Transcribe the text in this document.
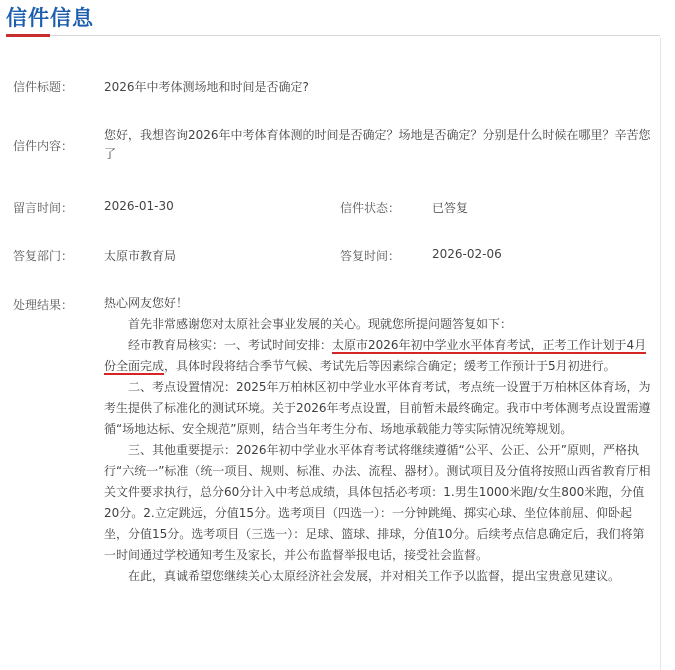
信件信息
信件标题：	2026年中考体测场地和时间是否确定?
信件内容：
您好，我想咨询2026年中考体育体测的时间是否确定？场地是否确定？分别是什么时候在哪里？辛苦您了
留言时间：	2026-01-30	信件状态：	已答复
答复部门：	太原市教育局	答复时间：	2026-02-06
处理结果：	热心网友您好！

首先非常感谢您对太原社会事业发展的关心。现就您所提问题答复如下：

经市教育局核实：一、考试时间安排：太原市2026年初中学业水平体育考试，正考工作计划于4月份全面完成，具体时段将结合季节气候、考试先后等因素综合确定；缓考工作预计于5月初进行。

二、考点设置情况：2025年万柏林区初中学业水平体育考试，考点统一设置于万柏林区体育场，为考生提供了标准化的测试环境。关于2026年考点设置，目前暂未最终确定。我市中考体测考点设置需遵循“场地达标、安全规范”原则，结合当年考生分布、场地承载能力等实际情况统筹规划。

三、其他重要提示：2026年初中学业水平体育考试将继续遵循“公平、公正、公开”原则，严格执行“六统一”标准（统一项目、规则、标准、办法、流程、器材）。测试项目及分值将按照山西省教育厅相关文件要求执行，总分60分计入中考总成绩，具体包括必考项：1.男生1000米跑/女生800米跑，分值20分。2.立定跳远，分值15分。选考项目（四选一）：一分钟跳绳、掷实心球、坐位体前屈、仰卧起坐，分值15分。选考项目（三选一）：足球、篮球、排球，分值10分。后续考点信息确定后，我们将第一时间通过学校通知考生及家长，并公布监督举报电话，接受社会监督。

在此，真诚希望您继续关心太原经济社会发展，并对相关工作予以监督，提出宝贵意见建议。
